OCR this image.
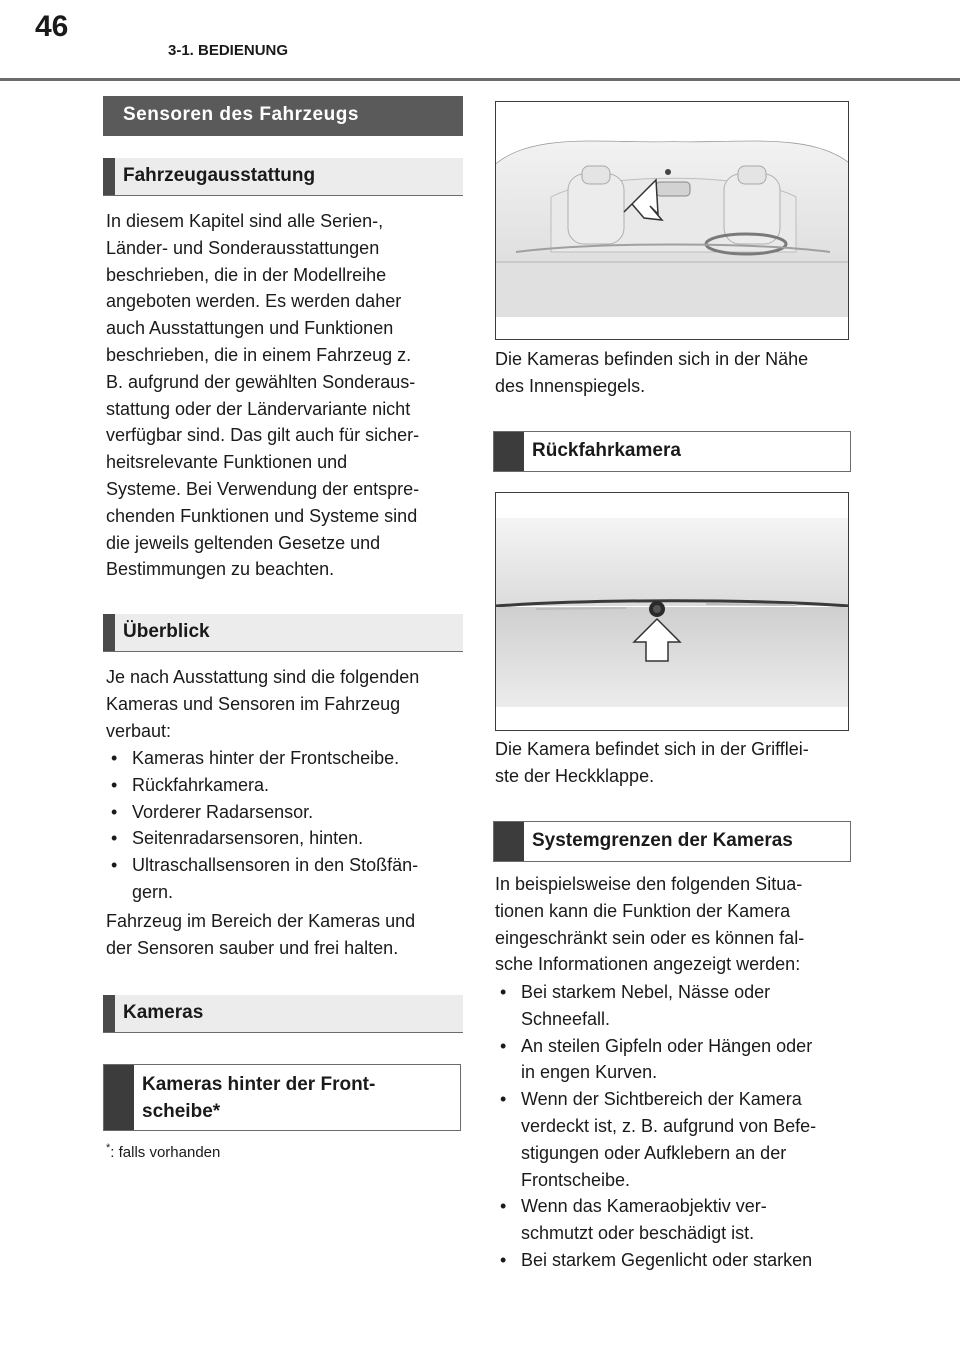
46
3-1. BEDIENUNG
Sensoren des Fahrzeugs
Fahrzeugausstattung
In diesem Kapitel sind alle Serien-,
Länder- und Sonderausstattungen
beschrieben, die in der Modellreihe
angeboten werden. Es werden daher
auch Ausstattungen und Funktionen
beschrieben, die in einem Fahrzeug z.
B. aufgrund der gewählten Sonderaus-
stattung oder der Ländervariante nicht
verfügbar sind. Das gilt auch für sicher-
heitsrelevante Funktionen und
Systeme. Bei Verwendung der entspre-
chenden Funktionen und Systeme sind
die jeweils geltenden Gesetze und
Bestimmungen zu beachten.
Überblick
Je nach Ausstattung sind die folgenden
Kameras und Sensoren im Fahrzeug
verbaut:
• Kameras hinter der Frontscheibe.
• Rückfahrkamera.
• Vorderer Radarsensor.
• Seitenradarsensoren, hinten.
• Ultraschallsensoren in den Stoßfän-
gern.
Fahrzeug im Bereich der Kameras und
der Sensoren sauber und frei halten.
Kameras
Kameras hinter der Front-
scheibe*
*: falls vorhanden
Die Kameras befinden sich in der Nähe
des Innenspiegels.
Rückfahrkamera
Die Kamera befindet sich in der Grifflei-
ste der Heckklappe.
Systemgrenzen der Kameras
In beispielsweise den folgenden Situa-
tionen kann die Funktion der Kamera
eingeschränkt sein oder es können fal-
sche Informationen angezeigt werden:
• Bei starkem Nebel, Nässe oder
Schneefall.
• An steilen Gipfeln oder Hängen oder
in engen Kurven.
• Wenn der Sichtbereich der Kamera
verdeckt ist, z. B. aufgrund von Befe-
stigungen oder Aufklebern an der
Frontscheibe.
• Wenn das Kameraobjektiv ver-
schmutzt oder beschädigt ist.
• Bei starkem Gegenlicht oder starken
